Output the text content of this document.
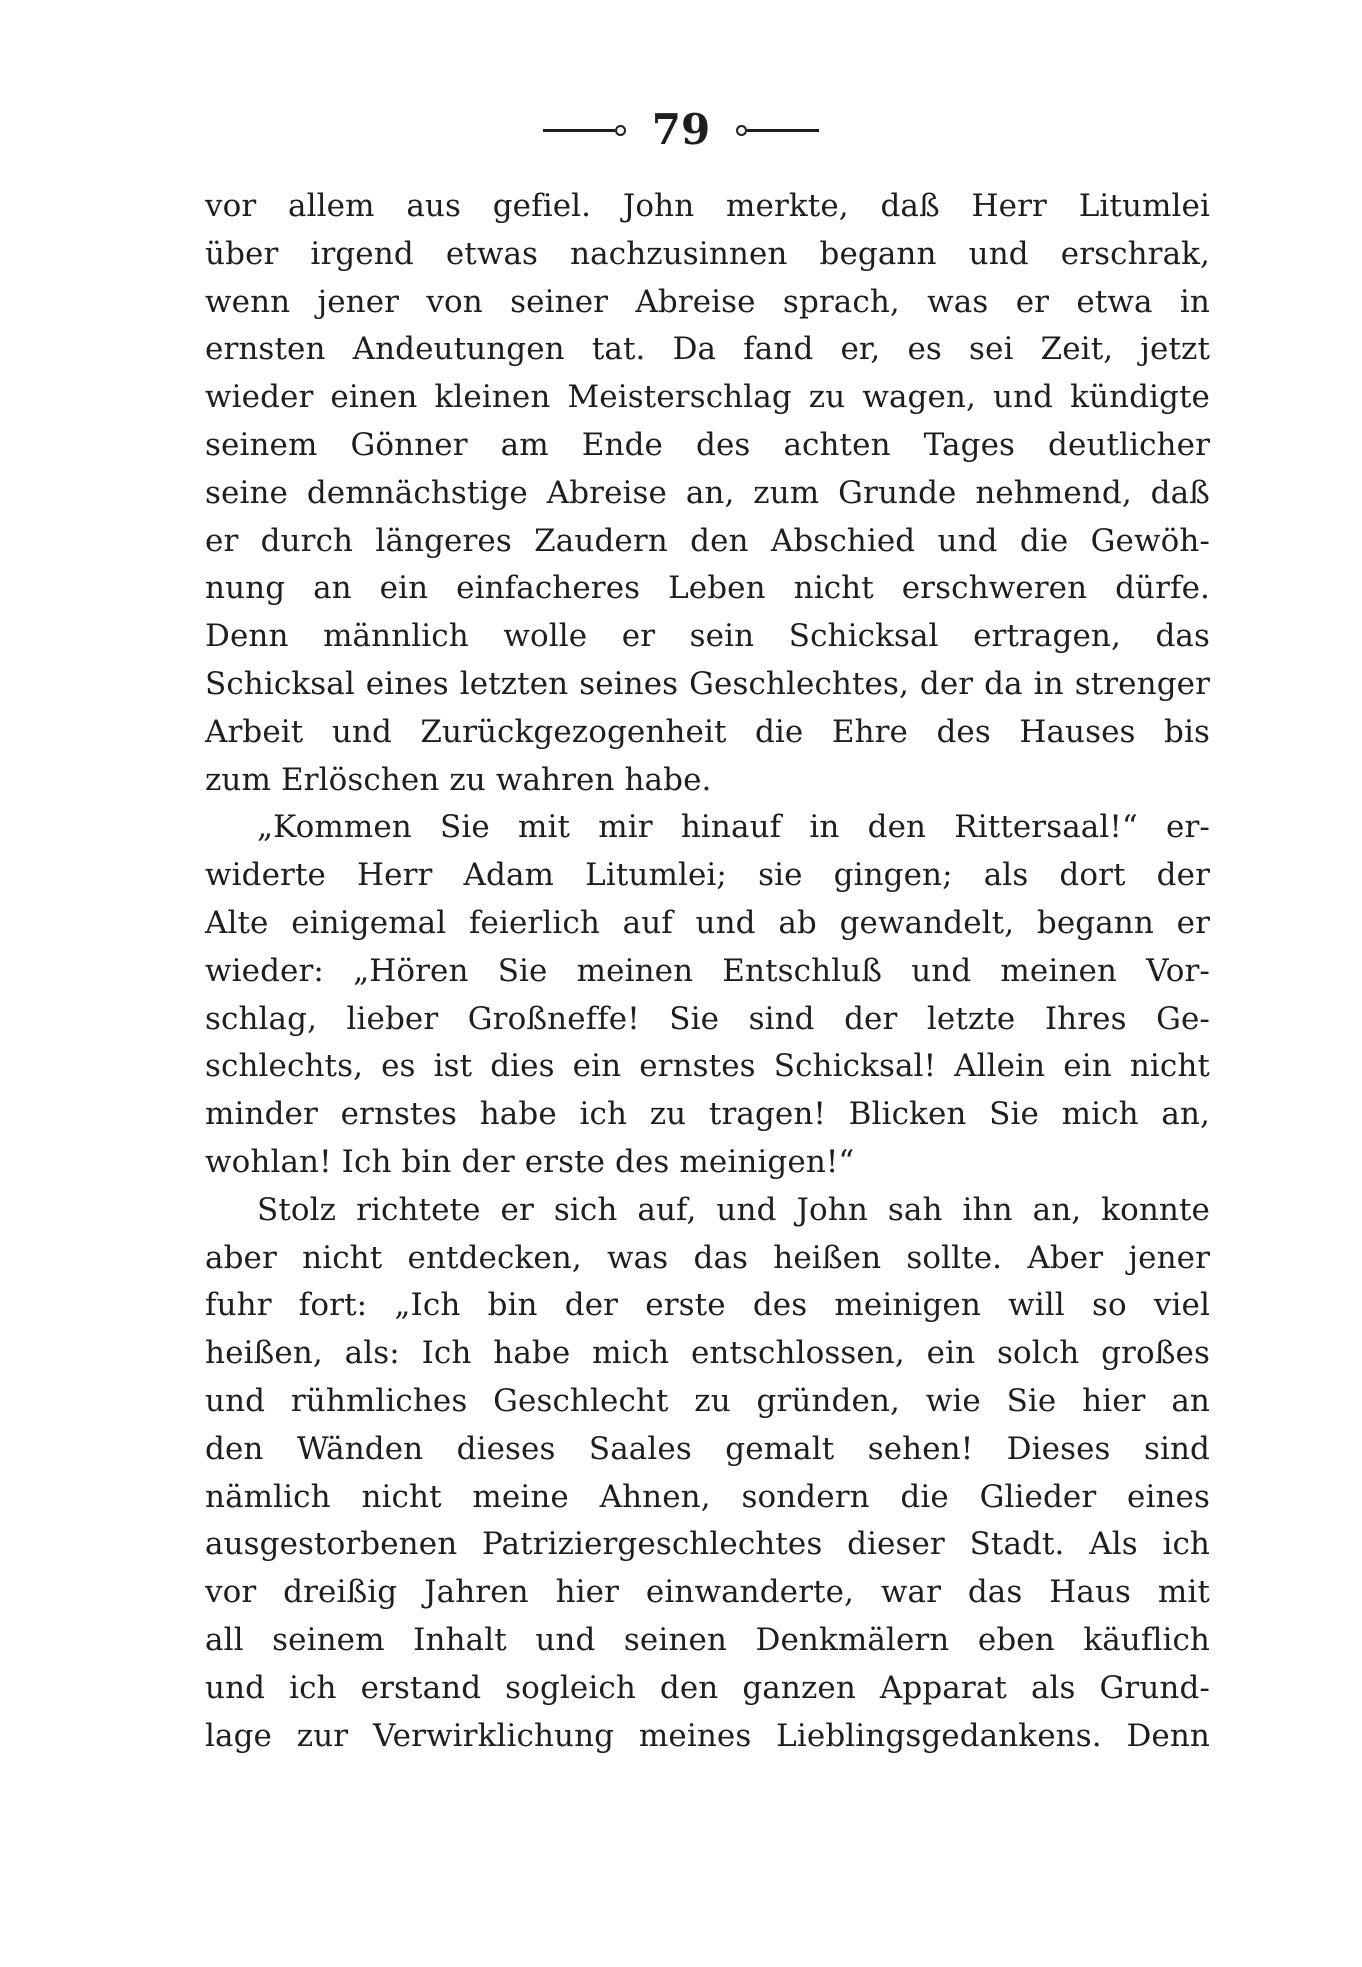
79
vor allem aus gefiel. John merkte, daß Herr Litumlei
über irgend etwas nachzusinnen begann und erschrak,
wenn jener von seiner Abreise sprach, was er etwa in
ernsten Andeutungen tat. Da fand er, es sei Zeit, jetzt
wieder einen kleinen Meisterschlag zu wagen, und kündigte
seinem Gönner am Ende des achten Tages deutlicher
seine demnächstige Abreise an, zum Grunde nehmend, daß
er durch längeres Zaudern den Abschied und die Gewöh-
nung an ein einfacheres Leben nicht erschweren dürfe.
Denn männlich wolle er sein Schicksal ertragen, das
Schicksal eines letzten seines Geschlechtes, der da in strenger
Arbeit und Zurückgezogenheit die Ehre des Hauses bis
zum Erlöschen zu wahren habe.
„Kommen Sie mit mir hinauf in den Rittersaal!“ er-
widerte Herr Adam Litumlei; sie gingen; als dort der
Alte einigemal feierlich auf und ab gewandelt, begann er
wieder: „Hören Sie meinen Entschluß und meinen Vor-
schlag, lieber Großneffe! Sie sind der letzte Ihres Ge-
schlechts, es ist dies ein ernstes Schicksal! Allein ein nicht
minder ernstes habe ich zu tragen! Blicken Sie mich an,
wohlan! Ich bin der erste des meinigen!“
Stolz richtete er sich auf, und John sah ihn an, konnte
aber nicht entdecken, was das heißen sollte. Aber jener
fuhr fort: „Ich bin der erste des meinigen will so viel
heißen, als: Ich habe mich entschlossen, ein solch großes
und rühmliches Geschlecht zu gründen, wie Sie hier an
den Wänden dieses Saales gemalt sehen! Dieses sind
nämlich nicht meine Ahnen, sondern die Glieder eines
ausgestorbenen Patriziergeschlechtes dieser Stadt. Als ich
vor dreißig Jahren hier einwanderte, war das Haus mit
all seinem Inhalt und seinen Denkmälern eben käuflich
und ich erstand sogleich den ganzen Apparat als Grund-
lage zur Verwirklichung meines Lieblingsgedankens. Denn
